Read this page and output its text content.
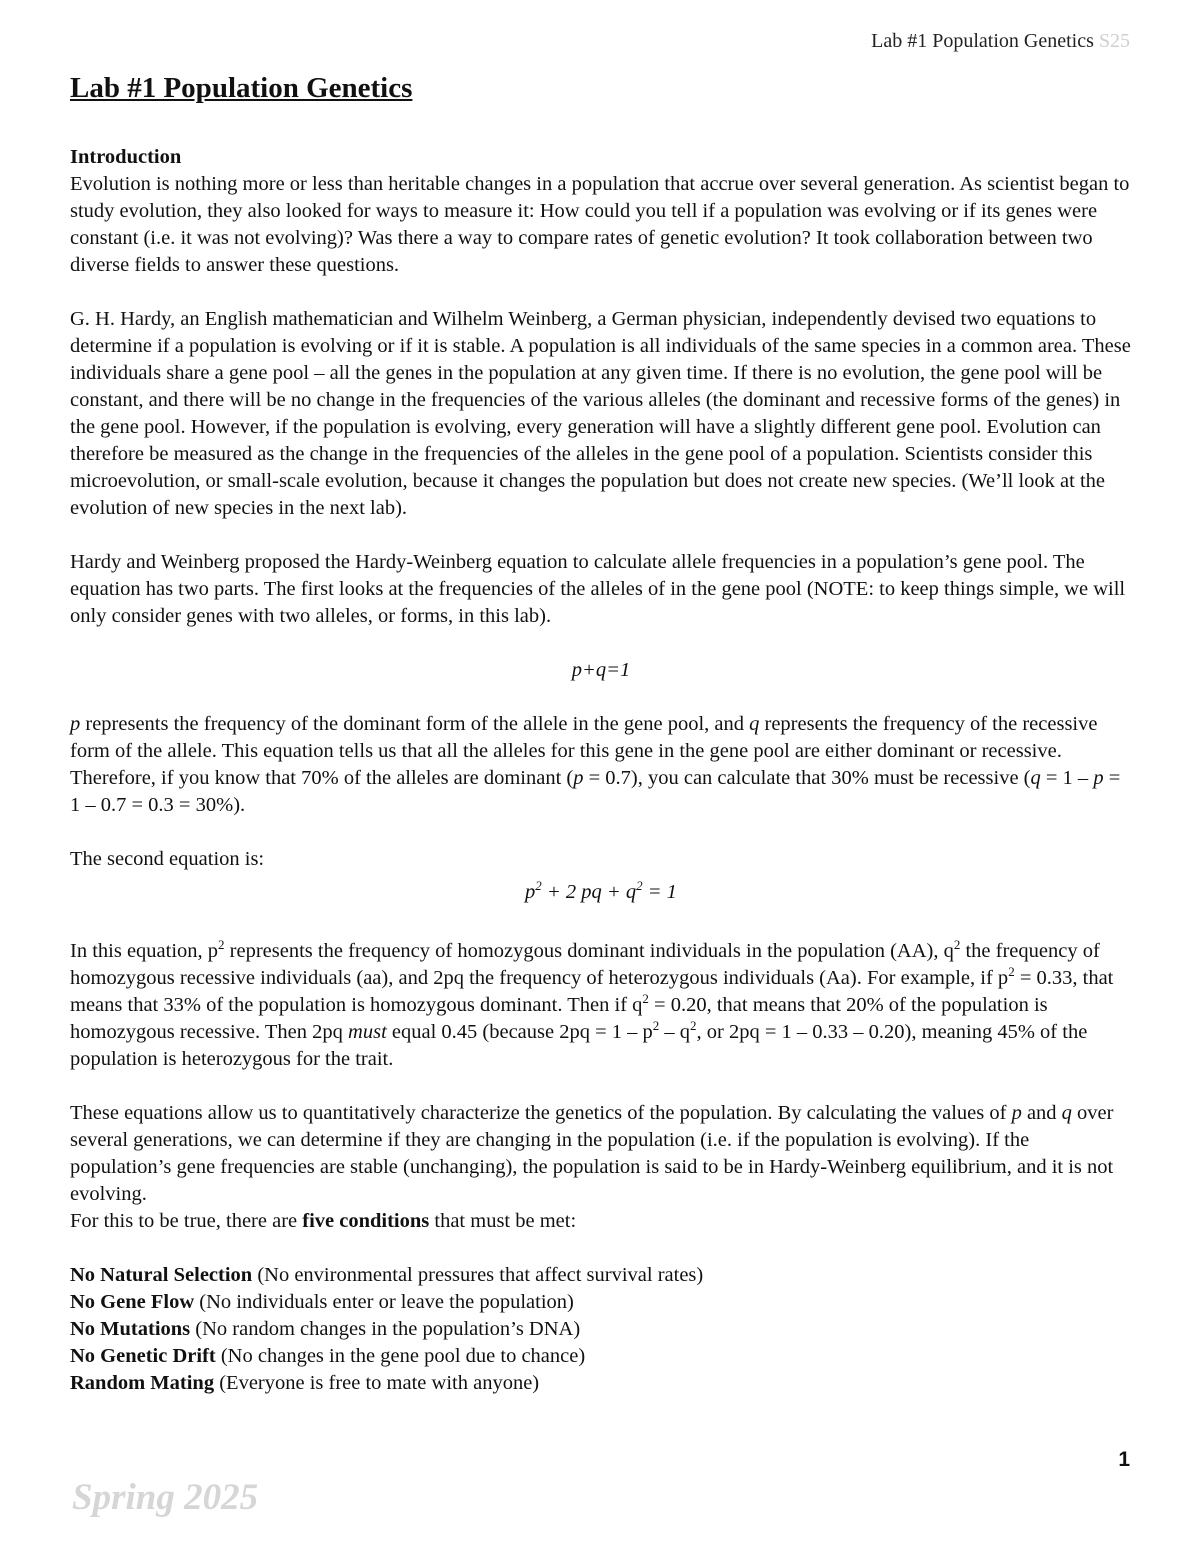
Lab #1 Population Genetics S25
Lab #1 Population Genetics
Introduction

Evolution is nothing more or less than heritable changes in a population that accrue over several generation. As scientist began to study evolution, they also looked for ways to measure it: How could you tell if a population was evolving or if its genes were constant (i.e. it was not evolving)? Was there a way to compare rates of genetic evolution? It took collaboration between two diverse fields to answer these questions.

G. H. Hardy, an English mathematician and Wilhelm Weinberg, a German physician, independently devised two equations to determine if a population is evolving or if it is stable. A population is all individuals of the same species in a common area. These individuals share a gene pool – all the genes in the population at any given time. If there is no evolution, the gene pool will be constant, and there will be no change in the frequencies of the various alleles (the dominant and recessive forms of the genes) in the gene pool. However, if the population is evolving, every generation will have a slightly different gene pool. Evolution can therefore be measured as the change in the frequencies of the alleles in the gene pool of a population. Scientists consider this microevolution, or small-scale evolution, because it changes the population but does not create new species. (We’ll look at the evolution of new species in the next lab).

Hardy and Weinberg proposed the Hardy-Weinberg equation to calculate allele frequencies in a population’s gene pool. The equation has two parts. The first looks at the frequencies of the alleles of in the gene pool (NOTE: to keep things simple, we will only consider genes with two alleles, or forms, in this lab).

p+q=1

p represents the frequency of the dominant form of the allele in the gene pool, and q represents the frequency of the recessive form of the allele. This equation tells us that all the alleles for this gene in the gene pool are either dominant or recessive. Therefore, if you know that 70% of the alleles are dominant (p = 0.7), you can calculate that 30% must be recessive (q = 1 – p = 1 – 0.7 = 0.3 = 30%).

The second equation is:
$p^2 + 2$ pq + $q^2 = 1$

In this equation, $p^2$ represents the frequency of homozygous dominant individuals in the population (AA), $q^2$ the frequency of homozygous recessive individuals (aa), and 2pq the frequency of heterozygous individuals (Aa). For example, if $p^2 = 0.33$, that means that 33% of the population is homozygous dominant. Then if $q^2 = 0.20$, that means that 20% of the population is homozygous recessive. Then 2pq must equal 0.45 (because $2pq = 1 - p^2 - q^2$, or 2pq = 1 – 0.33 – 0.20), meaning 45% of the population is heterozygous for the trait.

These equations allow us to quantitatively characterize the genetics of the population. By calculating the values of p and q over several generations, we can determine if they are changing in the population (i.e. if the population is evolving). If the population’s gene frequencies are stable (unchanging), the population is said to be in Hardy-Weinberg equilibrium, and it is not evolving.

For this to be true, there are five conditions that must be met:

No Natural Selection (No environmental pressures that affect survival rates)
No Gene Flow (No individuals enter or leave the population)
No Mutations (No random changes in the population’s DNA)
No Genetic Drift (No changes in the gene pool due to chance)
Random Mating (Everyone is free to mate with anyone)
1
Spring 2025
